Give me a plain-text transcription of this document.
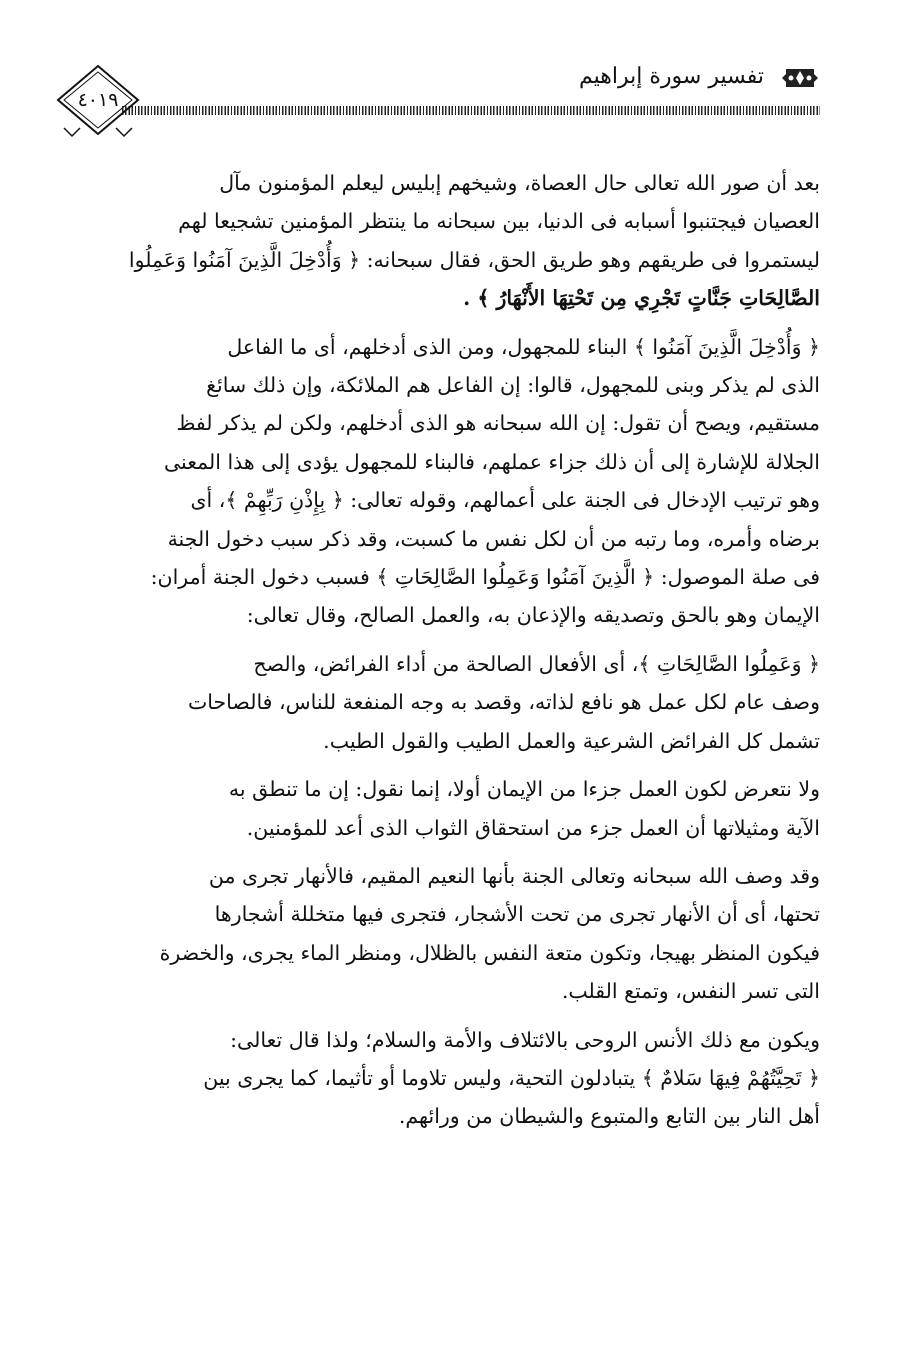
تفسير سورة إبراهيم
٤٠١٩

بعد أن صور الله تعالى حال العصاة، وشيخهم إبليس ليعلم المؤمنون مآل
العصيان فيجتنبوا أسبابه فى الدنيا، بين سبحانه ما ينتظر المؤمنين تشجيعا لهم
ليستمروا فى طريقهم وهو طريق الحق، فقال سبحانه: ﴿ وَأُدْخِلَ الَّذِينَ آمَنُوا وَعَمِلُوا
الصَّالِحَاتِ جَنَّاتٍ تَجْرِي مِن تَحْتِهَا الأَنْهَارُ ﴾ .

﴿ وَأُدْخِلَ الَّذِينَ آمَنُوا ﴾ البناء للمجهول، ومن الذى أدخلهم، أى ما الفاعل
الذى لم يذكر وبنى للمجهول، قالوا: إن الفاعل هم الملائكة، وإن ذلك سائغ
مستقيم، ويصح أن تقول: إن الله سبحانه هو الذى أدخلهم، ولكن لم يذكر لفظ
الجلالة للإشارة إلى أن ذلك جزاء عملهم، فالبناء للمجهول يؤدى إلى هذا المعنى
وهو ترتيب الإدخال فى الجنة على أعمالهم، وقوله تعالى: ﴿ بِإِذْنِ رَبِّهِمْ ﴾، أى
برضاه وأمره، وما رتبه من أن لكل نفس ما كسبت، وقد ذكر سبب دخول الجنة
فى صلة الموصول: ﴿ الَّذِينَ آمَنُوا وَعَمِلُوا الصَّالِحَاتِ ﴾ فسبب دخول الجنة أمران:
الإيمان وهو بالحق وتصديقه والإذعان به، والعمل الصالح، وقال تعالى:

﴿ وَعَمِلُوا الصَّالِحَاتِ ﴾، أى الأفعال الصالحة من أداء الفرائض، والصح
وصف عام لكل عمل هو نافع لذاته، وقصد به وجه المنفعة للناس، فالصاحات
تشمل كل الفرائض الشرعية والعمل الطيب والقول الطيب.

ولا نتعرض لكون العمل جزءا من الإيمان أولا، إنما نقول: إن ما تنطق به
الآية ومثيلاتها أن العمل جزء من استحقاق الثواب الذى أعد للمؤمنين.

وقد وصف الله سبحانه وتعالى الجنة بأنها النعيم المقيم، فالأنهار تجرى من
تحتها، أى أن الأنهار تجرى من تحت الأشجار، فتجرى فيها متخللة أشجارها
فيكون المنظر بهيجا، وتكون متعة النفس بالظلال، ومنظر الماء يجرى، والخضرة
التى تسر النفس، وتمتع القلب.

ويكون مع ذلك الأنس الروحى بالائتلاف والأمة والسلام؛ ولذا قال تعالى:
﴿ تَحِيَّتُهُمْ فِيهَا سَلامٌ ﴾ يتبادلون التحية، وليس تلاوما أو تأثيما، كما يجرى بين
أهل النار بين التابع والمتبوع والشيطان من ورائهم.
